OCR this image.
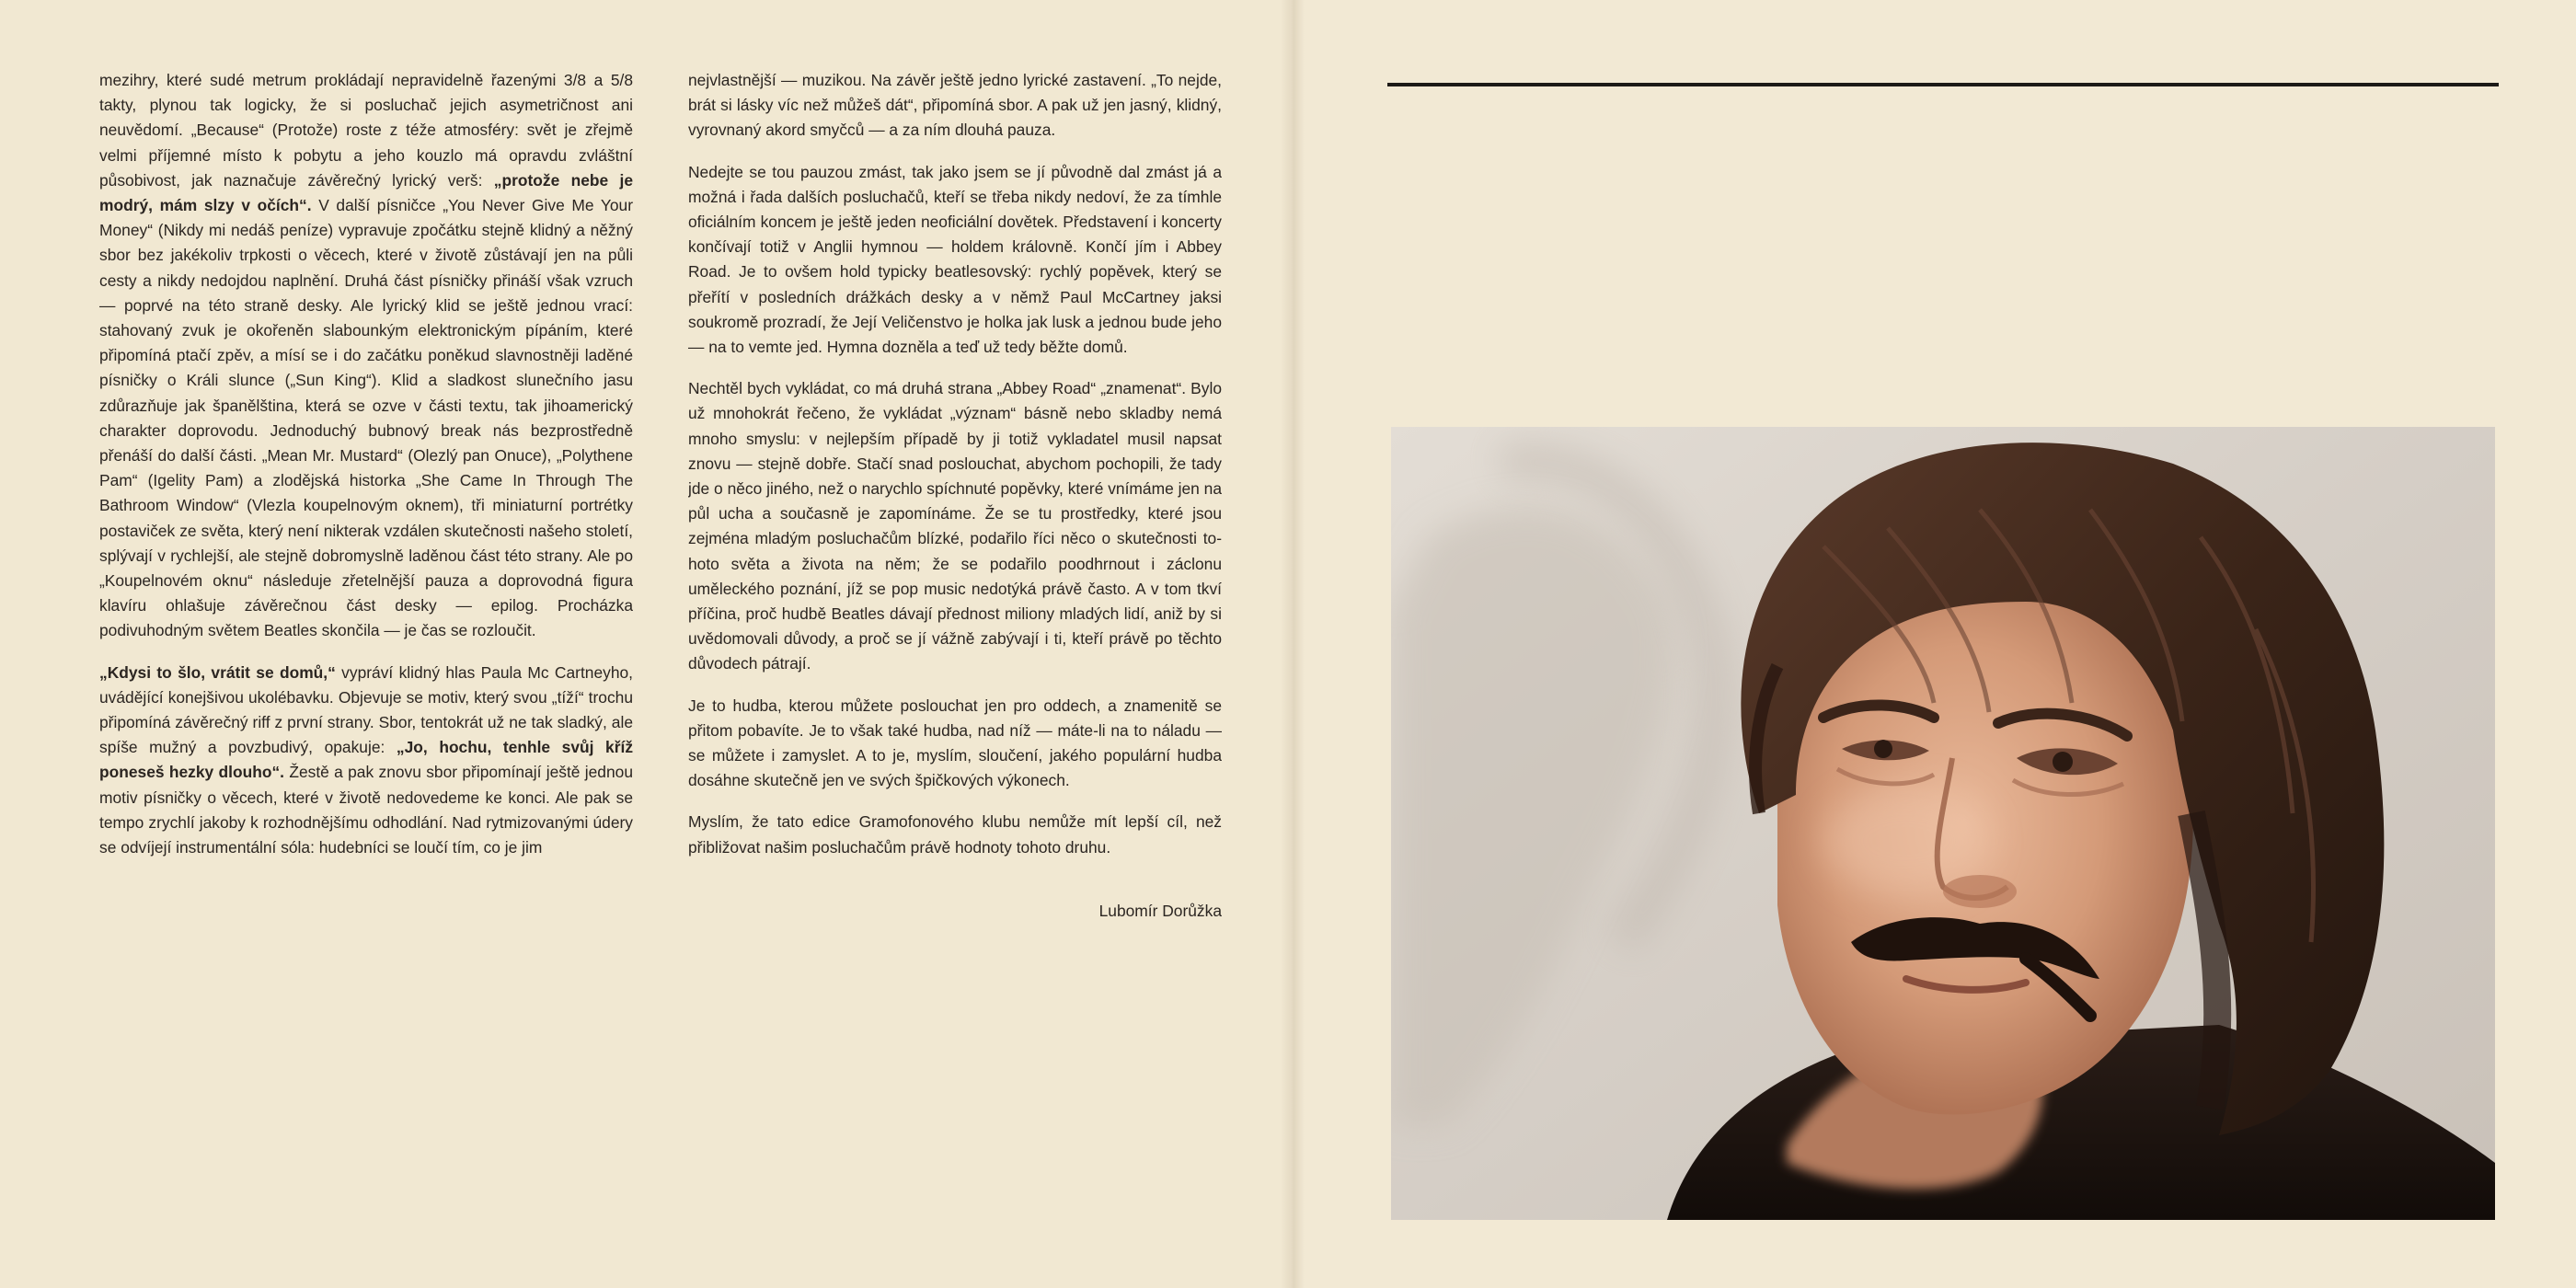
mezihry, které sudé metrum prokládají nepravidelně řazenými 3/8 a 5/8 takty, plynou tak logicky, že si posluchač jejich asymetričnost ani neuvědomí. „Because“ (Protože) roste z téže atmosféry: svět je zřejmě velmi příjemné místo k pobytu a jeho kouzlo má opravdu zvláštní působivost, jak naznačuje závěrečný lyrický verš: „protože nebe je modrý, mám slzy v očích“. V další písničce „You Never Give Me Your Money“ (Nikdy mi nedáš peníze) vypravuje zpočátku stejně klidný a něžný sbor bez jakékoliv trpkosti o věcech, které v životě zůstávají jen na půli cesty a nikdy nedojdou naplnění. Druhá část písničky přináší však vzruch — poprvé na této straně desky. Ale lyrický klid se ještě jednou vrací: stahovaný zvuk je okořeněn slabounkým elektronickým pípáním, které připomíná ptačí zpěv, a mísí se i do začátku poněkud slavnostněji laděné písničky o Králi slunce („Sun King“). Klid a sladkost slunečního jasu zdůrazňuje jak španělština, která se ozve v části textu, tak jihoamerický charakter doprovodu. Jednoduchý bubnový break nás bezprostředně přenáší do další části. „Mean Mr. Mustard“ (Olezlý pan Onuce), „Polythene Pam“ (Igelity Pam) a zlodějská historka „She Came In Through The Bathroom Window“ (Vlezla koupelnovým oknem), tři miniaturní portrétky postaviček ze světa, který není nikterak vzdálen skutečnosti našeho století, splývají v rychlejší, ale stejně dobromyslně laděnou část této strany. Ale po „Koupelnovém oknu“ následuje zřetelnější pauza a doprovodná figura klavíru ohlašuje závěrečnou část desky — epilog. Procházka podivuhodným světem Beatles skončila — je čas se rozloučit.

„Kdysi to šlo, vrátit se domů,“ vypráví klidný hlas Paula Mc Cartneyho, uvádějící konejšivou ukolébavku. Objevuje se motiv, který svou „tíží“ trochu připomíná závěrečný riff z první strany. Sbor, tentokrát už ne tak sladký, ale spíše mužný a povzbudivý, opakuje: „Jo, hochu, tenhle svůj kříž poneseš hezky dlouho“. Žestě a pak znovu sbor připomínají ještě jednou motiv písničky o věcech, které v životě nedovedeme ke konci. Ale pak se tempo zrychlí jakoby k rozhodnějšímu odhodlání. Nad rytmizovanými údery se odvíjejí instrumentální sóla: hudebníci se loučí tím, co je jim

nejvlastnější — muzikou. Na závěr ještě jedno lyrické zastavení. „To nejde, brát si lásky víc než můžeš dát“, připomíná sbor. A pak už jen jasný, klidný, vyrovnaný akord smyčců — a za ním dlouhá pauza.

Nedejte se tou pauzou zmást, tak jako jsem se jí původně dal zmást já a možná i řada dalších posluchačů, kteří se třeba nikdy nedoví, že za tímhle oficiálním koncem je ještě jeden neoficiální dovětek. Představení i koncerty končívají totiž v Anglii hymnou — holdem královně. Končí jím i Abbey Road. Je to ovšem hold typicky beatlesovský: rychlý popěvek, který se přeřítí v posledních drážkách desky a v němž Paul McCartney jaksi soukromě prozradí, že Její Veličenstvo je holka jak lusk a jednou bude jeho — na to vemte jed. Hymna dozněla a teď už tedy běžte domů.

Nechtěl bych vykládat, co má druhá strana „Abbey Road“ „znamenat“. Bylo už mnohokrát řečeno, že vykládat „význam“ básně nebo skladby nemá mnoho smyslu: v nejlepším případě by ji totiž vykladatel musil napsat znovu — stejně dobře. Stačí snad poslouchat, abychom pochopili, že tady jde o něco jiného, než o narychlo spíchnuté popěvky, které vnímáme jen na půl ucha a současně je zapomínáme. Že se tu prostředky, které jsou zejména mladým posluchačům blízké, podařilo říci něco o skutečnosti tohoto světa a života na něm; že se podařilo poodhrnout i záclonu uměleckého poznání, jíž se pop music nedotýká právě často. A v tom tkví příčina, proč hudbě Beatles dávají přednost miliony mladých lidí, aniž by si uvědomovali důvody, a proč se jí vážně zabývají i ti, kteří právě po těchto důvodech pátrají.

Je to hudba, kterou můžete poslouchat jen pro oddech, a znamenitě se přitom pobavíte. Je to však také hudba, nad níž — máte-li na to náladu — se můžete i zamyslet. A to je, myslím, sloučení, jakého populární hudba dosáhne skutečně jen ve svých špičkových výkonech.

Myslím, že tato edice Gramofonového klubu nemůže mít lepší cíl, než přibližovat našim posluchačům právě hodnoty tohoto druhu.

Lubomír Dorůžka
